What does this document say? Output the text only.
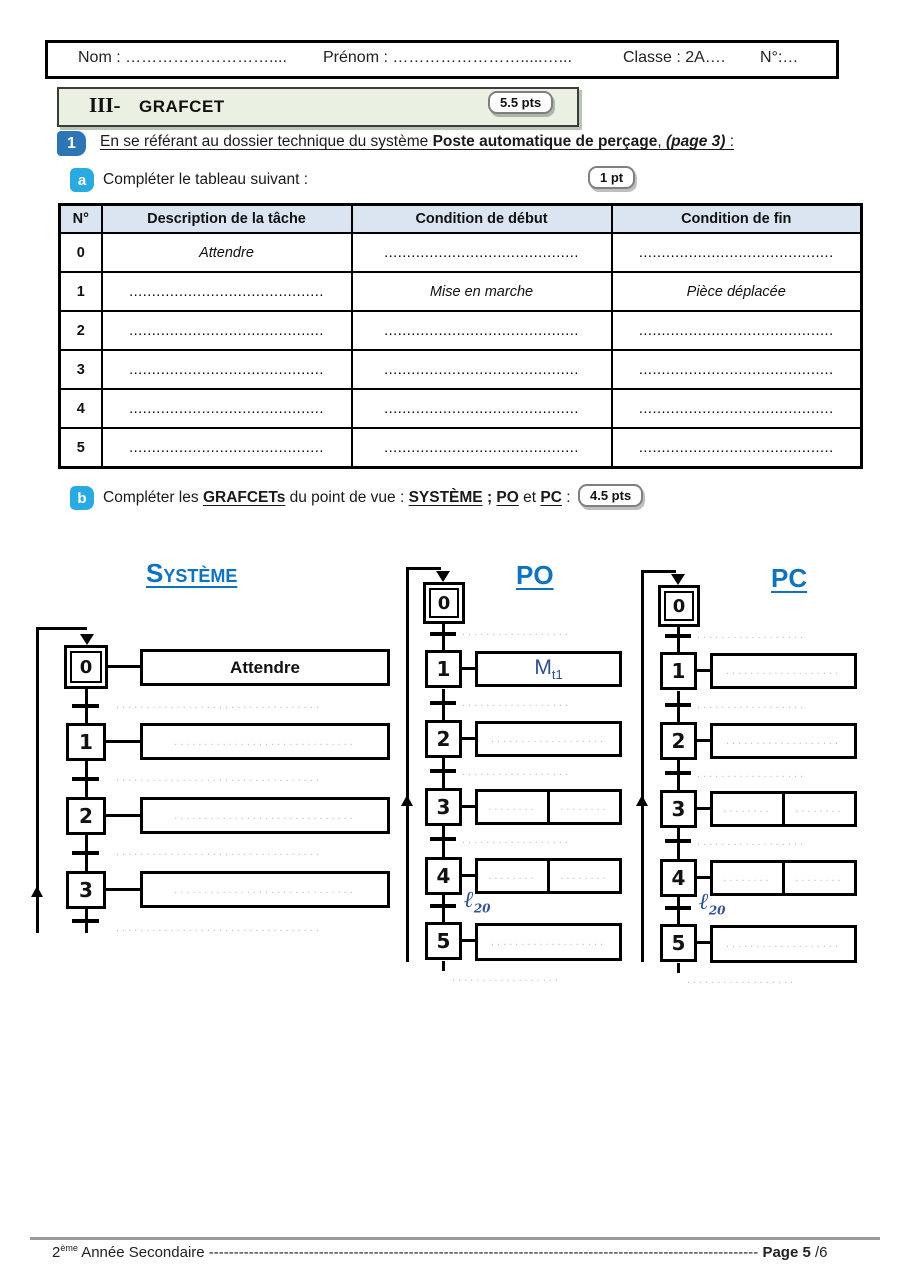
Nom : ……………………….... Prénom : …………………….....…...	Classe : 2A…. N°:…
III- GRAFCET	5.5 pts
1	En se référant au dossier technique du système Poste automatique de perçage, (page 3) :
a	Compléter le tableau suivant :	1 pt
N°	Description de la tâche	Condition de début	Condition de fin
0	Attendre	...........................................	...........................................
1	...........................................	Mise en marche	Pièce déplacée
2	...........................................	...........................................	...........................................
3	...........................................	...........................................	...........................................
4	...........................................	...........................................	...........................................
5	...........................................	...........................................	...........................................
b	Compléter les GRAFCETs du point de vue : SYSTÈME ; PO et PC :	4.5 pts
Système
0	Attendre
..................................
1	..............................
..................................
2	..............................
..................................
3	..............................
..................................
PO
0
..................
1	$M_{t1}$
..................
2	...................
..................
3	........ ........
..................
4	........ ........
ℓ$_{20}$
5	...................
..................
PC
0
..................
1	...................
..................
2	...................
..................
3	........ ........
..................
4	........ ........
ℓ$_{20}$
5	...................
..................
2ème Année Secondaire -------------------------------------------------------------------------------------------------------------- Page 5 /6
